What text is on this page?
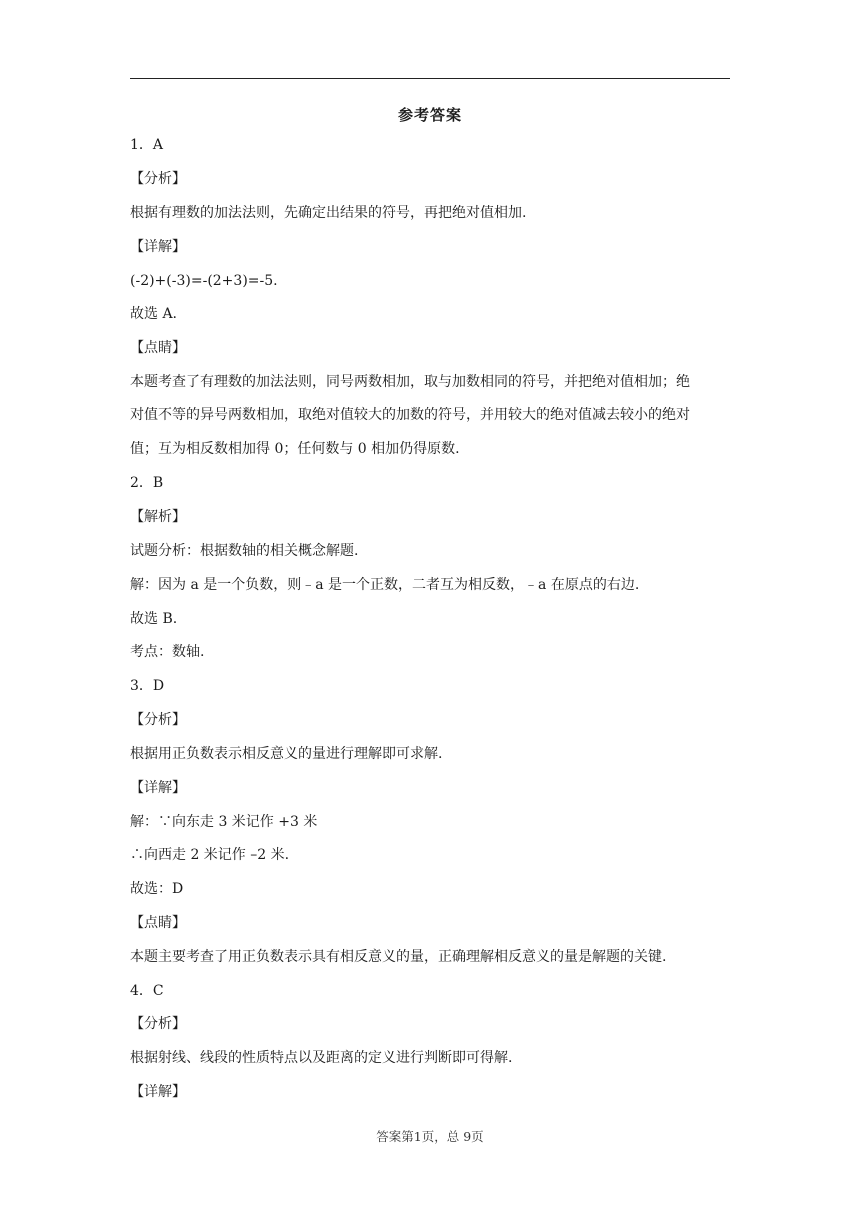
参考答案
1．A
【分析】
根据有理数的加法法则，先确定出结果的符号，再把绝对值相加.
【详解】
(-2)+(-3)=-(2+3)=-5.
故选 A.
【点睛】
本题考查了有理数的加法法则，同号两数相加，取与加数相同的符号，并把绝对值相加；绝
对值不等的异号两数相加，取绝对值较大的加数的符号，并用较大的绝对值减去较小的绝对
值；互为相反数相加得 0；任何数与 0 相加仍得原数.
2．B
【解析】
试题分析：根据数轴的相关概念解题.
解：因为 a 是一个负数，则﹣a 是一个正数，二者互为相反数，﹣a 在原点的右边.
故选 B.
考点：数轴.
3．D
【分析】
根据用正负数表示相反意义的量进行理解即可求解.
【详解】
解：∵向东走 3 米记作 +3 米
∴向西走 2 米记作 –2 米.
故选：D
【点睛】
本题主要考查了用正负数表示具有相反意义的量，正确理解相反意义的量是解题的关键.
4．C
【分析】
根据射线、线段的性质特点以及距离的定义进行判断即可得解.
【详解】
答案第1页，总 9页
